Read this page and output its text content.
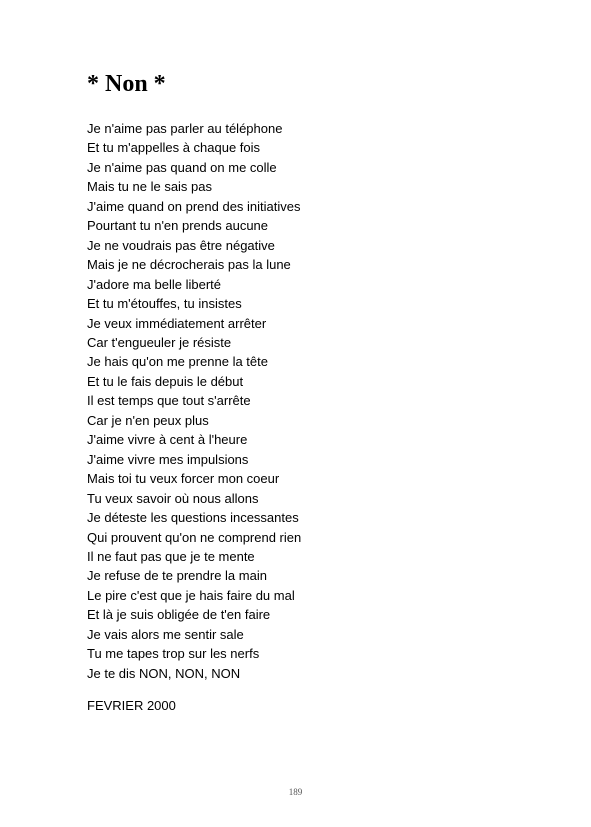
* Non *
Je n'aime pas parler au téléphone
Et tu m'appelles à chaque fois
Je n'aime pas quand on me colle
Mais tu ne le sais pas
J'aime quand on prend des initiatives
Pourtant tu n'en prends aucune
Je ne voudrais pas être négative
Mais je ne décrocherais pas la lune
J'adore ma belle liberté
Et tu m'étouffes, tu insistes
Je veux immédiatement arrêter
Car t'engueuler je résiste
Je hais qu'on me prenne la tête
Et tu le fais depuis le début
Il est temps que tout s'arrête
Car je n'en peux plus
J'aime vivre à cent à l'heure
J'aime vivre mes impulsions
Mais toi tu veux forcer mon coeur
Tu veux savoir où nous allons
Je déteste les questions incessantes
Qui prouvent qu'on ne comprend rien
Il ne faut pas que je te mente
Je refuse de te prendre la main
Le pire c'est que je hais faire du mal
Et là je suis obligée de t'en faire
Je vais alors me sentir sale
Tu me tapes trop sur les nerfs
Je te dis NON, NON, NON

FEVRIER 2000

189
